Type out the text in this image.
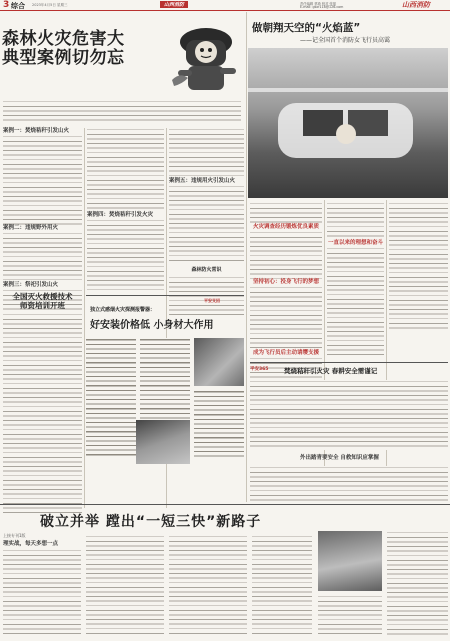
3 综合 2023年4月5日 星期三	山西消防	责任编辑 蔡琦 校对 张振
E-mail: gsxf118@126.com	山西消防
森林火灾危害大
典型案例切勿忘
案例一：焚烧秸秆引发山火
案例二：违规野外用火
案例三：祭祀引发山火
全国灭火救援技术
师资培训开班
案例四：焚烧秸秆引发火灾
案例五：违规用火引发山火
森林防火常识
平安支招
独立式感烟火灾探测报警器：
好安装价格低 小身材大作用
做朝翔天空的“火焰蓝”
——记全国首个消防女飞行员高霭
火灾调查经历锻炼优良素质
坚持初心：投身飞行的梦想
成为飞行员后主动请缨支援
一直以来的理想和奋斗
平安365 焚烧秸秆引火灾 春耕安全需谨记
外出踏青要安全 自救知识应掌握
破立并举 蹚出“一短三快”新路子
上接专刊1版
理实战，每天多想一点
